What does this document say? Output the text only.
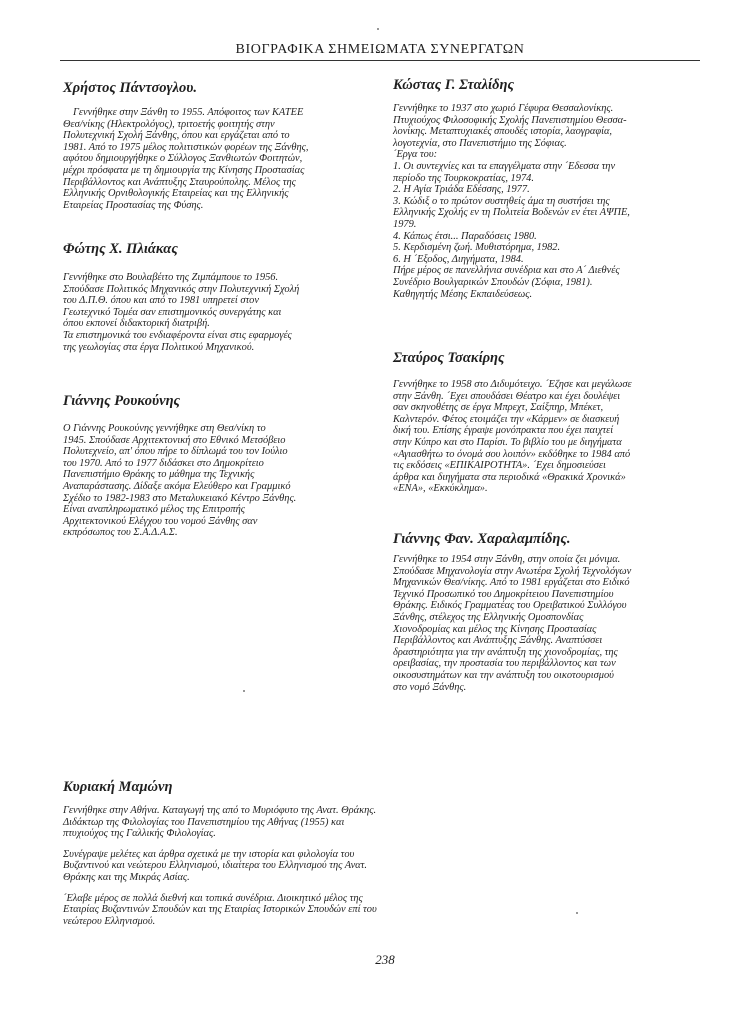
ΒΙΟΓΡΑΦΙΚΑ ΣΗΜΕΙΩΜΑΤΑ ΣΥΝΕΡΓΑΤΩΝ
Χρήστος Πάντσογλου.

Γεννήθηκε στην Ξάνθη το 1955. Απόφοιτος των ΚΑΤΕΕ
Θεσ/νίκης (Ηλεκτρολόγος), τριτοετής φοιτητής στην
Πολυτεχνική Σχολή Ξάνθης, όπου και εργάζεται από το
1981. Από το 1975 μέλος πολιτιστικών φορέων της Ξάνθης,
αφότου δημιουργήθηκε ο Σύλλογος Ξανθιωτών Φοιτητών,
μέχρι πρόσφατα με τη δημιουργία της Κίνησης Προστασίας
Περιβάλλοντος και Ανάπτυξης Σταυρούπολης. Μέλος της
Ελληνικής Ορνιθολογικής Εταιρείας και της Ελληνικής
Εταιρείας Προστασίας της Φύσης.

Φώτης Χ. Πλιάκας

Γεννήθηκε στο Βουλαβέιτο της Ζιμπάμπουε το 1956.
Σπούδασε Πολιτικός Μηχανικός στην Πολυτεχνική Σχολή
του Δ.Π.Θ. όπου και από το 1981 υπηρετεί στον
Γεωτεχνικό Τομέα σαν επιστημονικός συνεργάτης και
όπου εκπονεί διδακτορική διατριβή.
Τα επιστημονικά του ενδιαφέροντα είναι στις εφαρμογές
της γεωλογίας στα έργα Πολιτικού Μηχανικού.

Γιάννης Ρουκούνης

Ο Γιάννης Ρουκούνης γεννήθηκε στη Θεσ/νίκη το
1945. Σπούδασε Αρχιτεκτονική στο Εθνικό Μετσόβειο
Πολυτεχνείο, απ' όπου πήρε το δίπλωμά του τον Ιούλιο
του 1970. Από το 1977 διδάσκει στο Δημοκρίτειο
Πανεπιστήμιο Θράκης το μάθημα της Τεχνικής
Αναπαράστασης. Δίδαξε ακόμα Ελεύθερο και Γραμμικό
Σχέδιο το 1982-1983 στο Μεταλυκειακό Κέντρο Ξάνθης.
Είναι αναπληρωματικό μέλος της Επιτροπής
Αρχιτεκτονικού Ελέγχου του νομού Ξάνθης σαν
εκπρόσωπος του Σ.Α.Δ.Α.Σ.

Κώστας Γ. Σταλίδης

Γεννήθηκε το 1937 στο χωριό Γέφυρα Θεσσαλονίκης.
Πτυχιούχος Φιλοσοφικής Σχολής Πανεπιστημίου Θεσσα-
λονίκης. Μεταπτυχιακές σπουδές ιστορία, λαογραφία,
λογοτεχνία, στο Πανεπιστήμιο της Σόφιας.
´Εργα του:
1. Οι συντεχνίες και τα επαγγέλματα στην ´Εδεσσα την
περίοδο της Τουρκοκρατίας, 1974.
2. Η Αγία Τριάδα Εδέσσης, 1977.
3. Κώδιξ ο το πρώτον συστηθείς άμα τη συστήσει της
Ελληνικής Σχολής εν τη Πολιτεία Βοδενών εν έτει ΑΨΠΕ,
1979.
4. Κάπως έτσι... Παραδόσεις 1980.
5. Κερδισμένη ζωή. Μυθιστόρημα, 1982.
6. Η ´Εξοδος, Διηγήματα, 1984.
Πήρε μέρος σε πανελλήνια συνέδρια και στο Α´ Διεθνές
Συνέδριο Βουλγαρικών Σπουδών (Σόφια, 1981).
Καθηγητής Μέσης Εκπαιδεύσεως.

Σταύρος Τσακίρης

Γεννήθηκε το 1958 στο Διδυμότειχο. ´Εζησε και μεγάλωσε
στην Ξάνθη. ´Εχει σπουδάσει Θέατρο και έχει δουλέψει
σαν σκηνοθέτης σε έργα Μπρεχτ, Σαίξπηρ, Μπέκετ,
Καλντερόν. Φέτος ετοιμάζει την «Κάρμεν» σε διασκευή
δική του. Επίσης έγραψε μονόπρακτα που έχει παιχτεί
στην Κύπρο και στο Παρίσι. Το βιβλίο του με διηγήματα
«Αγιασθήτω το όνομά σου λοιπόν» εκδόθηκε το 1984 από
τις εκδόσεις «ΕΠΙΚΑΙΡΟΤΗΤΑ». ´Εχει δημοσιεύσει
άρθρα και διηγήματα στα περιοδικά «Θρακικά Χρονικά»
«ΕΝΑ», «Εκκύκλημα».

Γιάννης Φαν. Χαραλαμπίδης.

Γεννήθηκε το 1954 στην Ξάνθη, στην οποία ζει μόνιμα.
Σπούδασε Μηχανολογία στην Ανωτέρα Σχολή Τεχνολόγων
Μηχανικών Θεσ/νίκης. Από το 1981 εργάζεται στο Ειδικό
Τεχνικό Προσωπικό του Δημοκρίτειου Πανεπιστημίου
Θράκης. Ειδικός Γραμματέας του Ορειβατικού Συλλόγου
Ξάνθης, στέλεχος της Ελληνικής Ομοσπονδίας
Χιονοδρομίας και μέλος της Κίνησης Προστασίας
Περιβάλλοντος και Ανάπτυξης Ξάνθης. Αναπτύσσει
δραστηριότητα για την ανάπτυξη της χιονοδρομίας, της
ορειβασίας, την προστασία του περιβάλλοντος και των
οικοσυστημάτων και την ανάπτυξη του οικοτουρισμού
στο νομό Ξάνθης.

Κυριακή Μαμώνη

Γεννήθηκε στην Αθήνα. Καταγωγή της από το Μυριόφυτο της Ανατ. Θράκης.
Διδάκτωρ της Φιλολογίας του Πανεπιστημίου της Αθήνας (1955) και
πτυχιούχος της Γαλλικής Φιλολογίας.

Συνέγραψε μελέτες και άρθρα σχετικά με την ιστορία και φιλολογία του
Βυζαντινού και νεώτερου Ελληνισμού, ιδιαίτερα του Ελληνισμού της Ανατ.
Θράκης και της Μικράς Ασίας.

´Ελαβε μέρος σε πολλά διεθνή και τοπικά συνέδρια. Διοικητικό μέλος της
Εταιρίας Βυζαντινών Σπουδών και της Εταιρίας Ιστορικών Σπουδών επί του
νεώτερου Ελληνισμού.

238
